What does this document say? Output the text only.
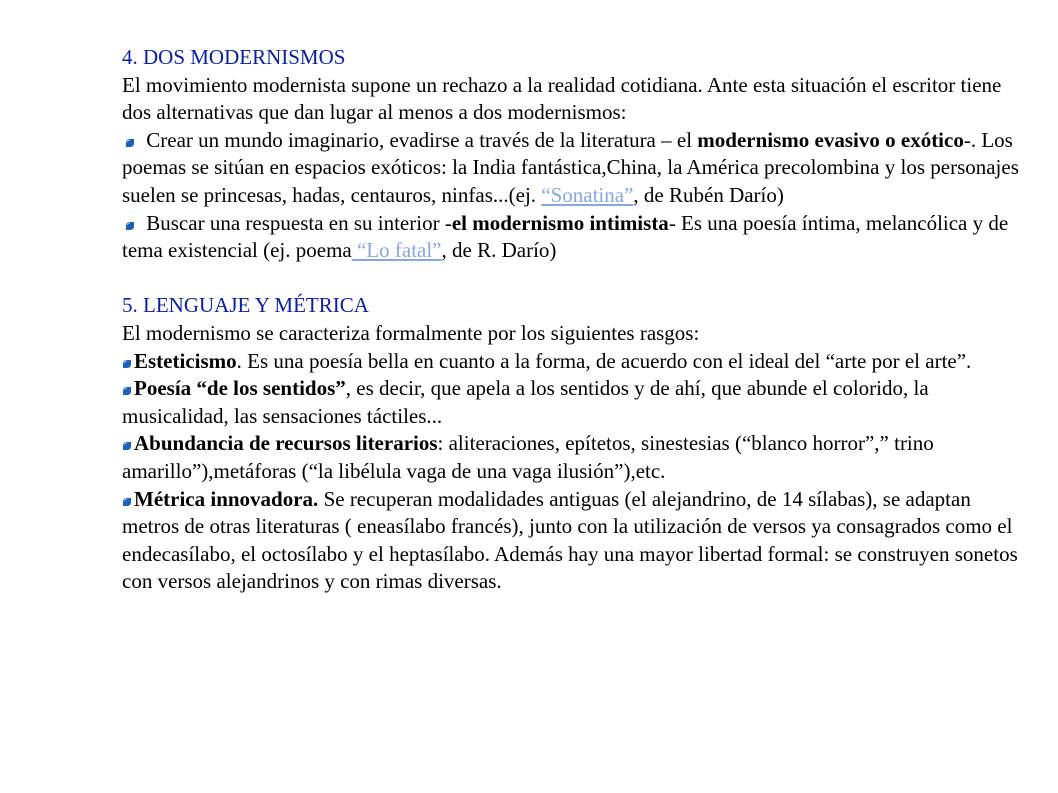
4. DOS MODERNISMOS

El movimiento modernista supone un rechazo a la realidad cotidiana. Ante esta situación el escritor tiene dos alternativas que dan lugar al menos a dos modernismos:

Crear un mundo imaginario, evadirse a través de la literatura – el modernismo evasivo o exótico-. Los poemas se sitúan en espacios exóticos: la India fantástica,China, la América precolombina y los personajes suelen se princesas, hadas, centauros, ninfas...(ej. “Sonatina”, de Rubén Darío)

Buscar una respuesta en su interior -el modernismo intimista- Es una poesía íntima, melancólica y de tema existencial (ej. poema “Lo fatal”, de R. Darío)

5. LENGUAJE Y MÉTRICA

El modernismo se caracteriza formalmente por los siguientes rasgos:

Esteticismo. Es una poesía bella en cuanto a la forma, de acuerdo con el ideal del “arte por el arte”.

Poesía “de los sentidos”, es decir, que apela a los sentidos y de ahí, que abunde el colorido, la musicalidad, las sensaciones táctiles...

Abundancia de recursos literarios: aliteraciones, epítetos, sinestesias (“blanco horror”,” trino amarillo”),metáforas (“la libélula vaga de una vaga ilusión”),etc.

Métrica innovadora. Se recuperan modalidades antiguas (el alejandrino, de 14 sílabas), se adaptan metros de otras literaturas ( eneasílabo francés), junto con la utilización de versos ya consagrados como el endecasílabo, el octosílabo y el heptasílabo. Además hay una mayor libertad formal: se construyen sonetos con versos alejandrinos y con rimas diversas.
